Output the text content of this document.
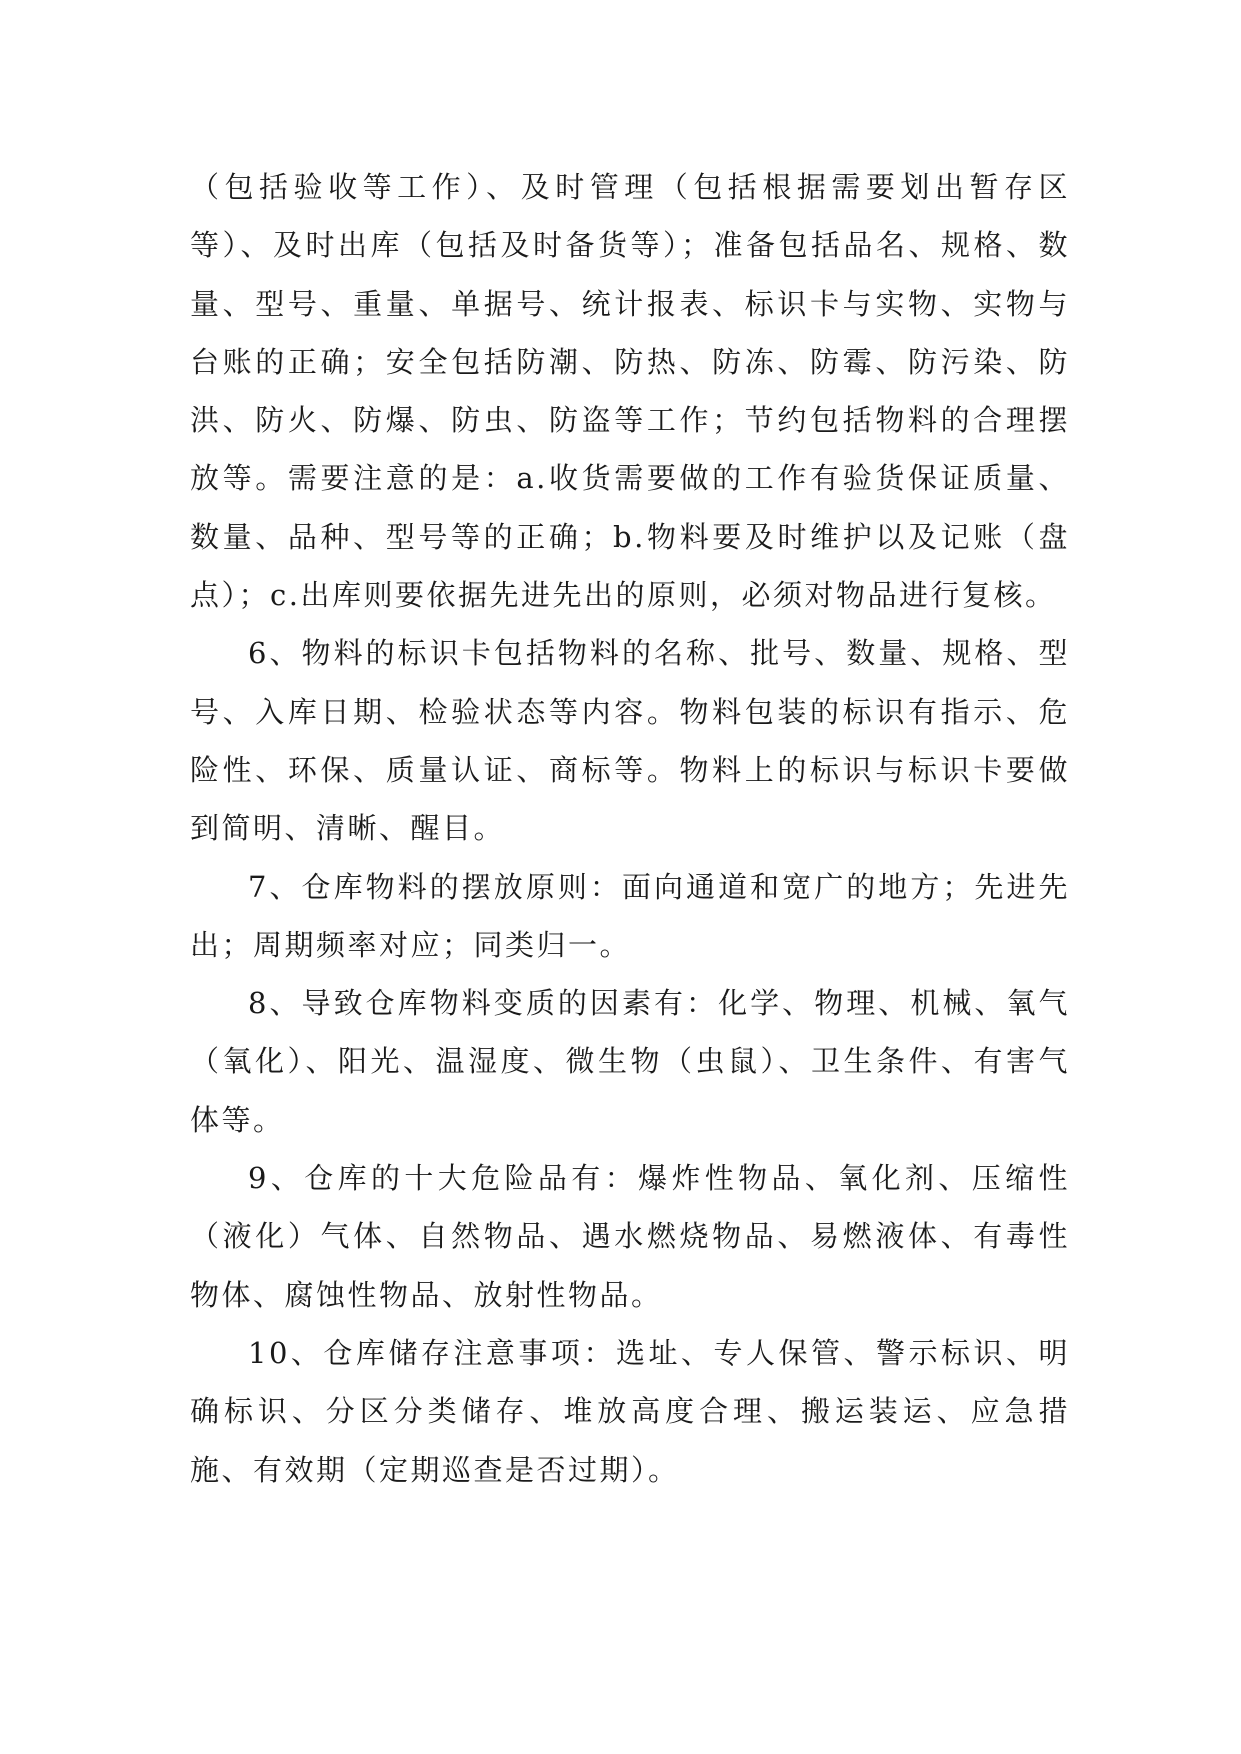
（包括验收等工作）、及时管理（包括根据需要划出暂存区等）、及时出库（包括及时备货等）；准备包括品名、规格、数量、型号、重量、单据号、统计报表、标识卡与实物、实物与台账的正确；安全包括防潮、防热、防冻、防霉、防污染、防洪、防火、防爆、防虫、防盗等工作；节约包括物料的合理摆放等。需要注意的是：a.收货需要做的工作有验货保证质量、数量、品种、型号等的正确；b.物料要及时维护以及记账（盘点）；c.出库则要依据先进先出的原则，必须对物品进行复核。

6、物料的标识卡包括物料的名称、批号、数量、规格、型号、入库日期、检验状态等内容。物料包装的标识有指示、危险性、环保、质量认证、商标等。物料上的标识与标识卡要做到简明、清晰、醒目。

7、仓库物料的摆放原则：面向通道和宽广的地方；先进先出；周期频率对应；同类归一。

8、导致仓库物料变质的因素有：化学、物理、机械、氧气（氧化）、阳光、温湿度、微生物（虫鼠）、卫生条件、有害气体等。

9、仓库的十大危险品有：爆炸性物品、氧化剂、压缩性（液化）气体、自然物品、遇水燃烧物品、易燃液体、有毒性物体、腐蚀性物品、放射性物品。

10、仓库储存注意事项：选址、专人保管、警示标识、明确标识、分区分类储存、堆放高度合理、搬运装运、应急措施、有效期（定期巡查是否过期）。
